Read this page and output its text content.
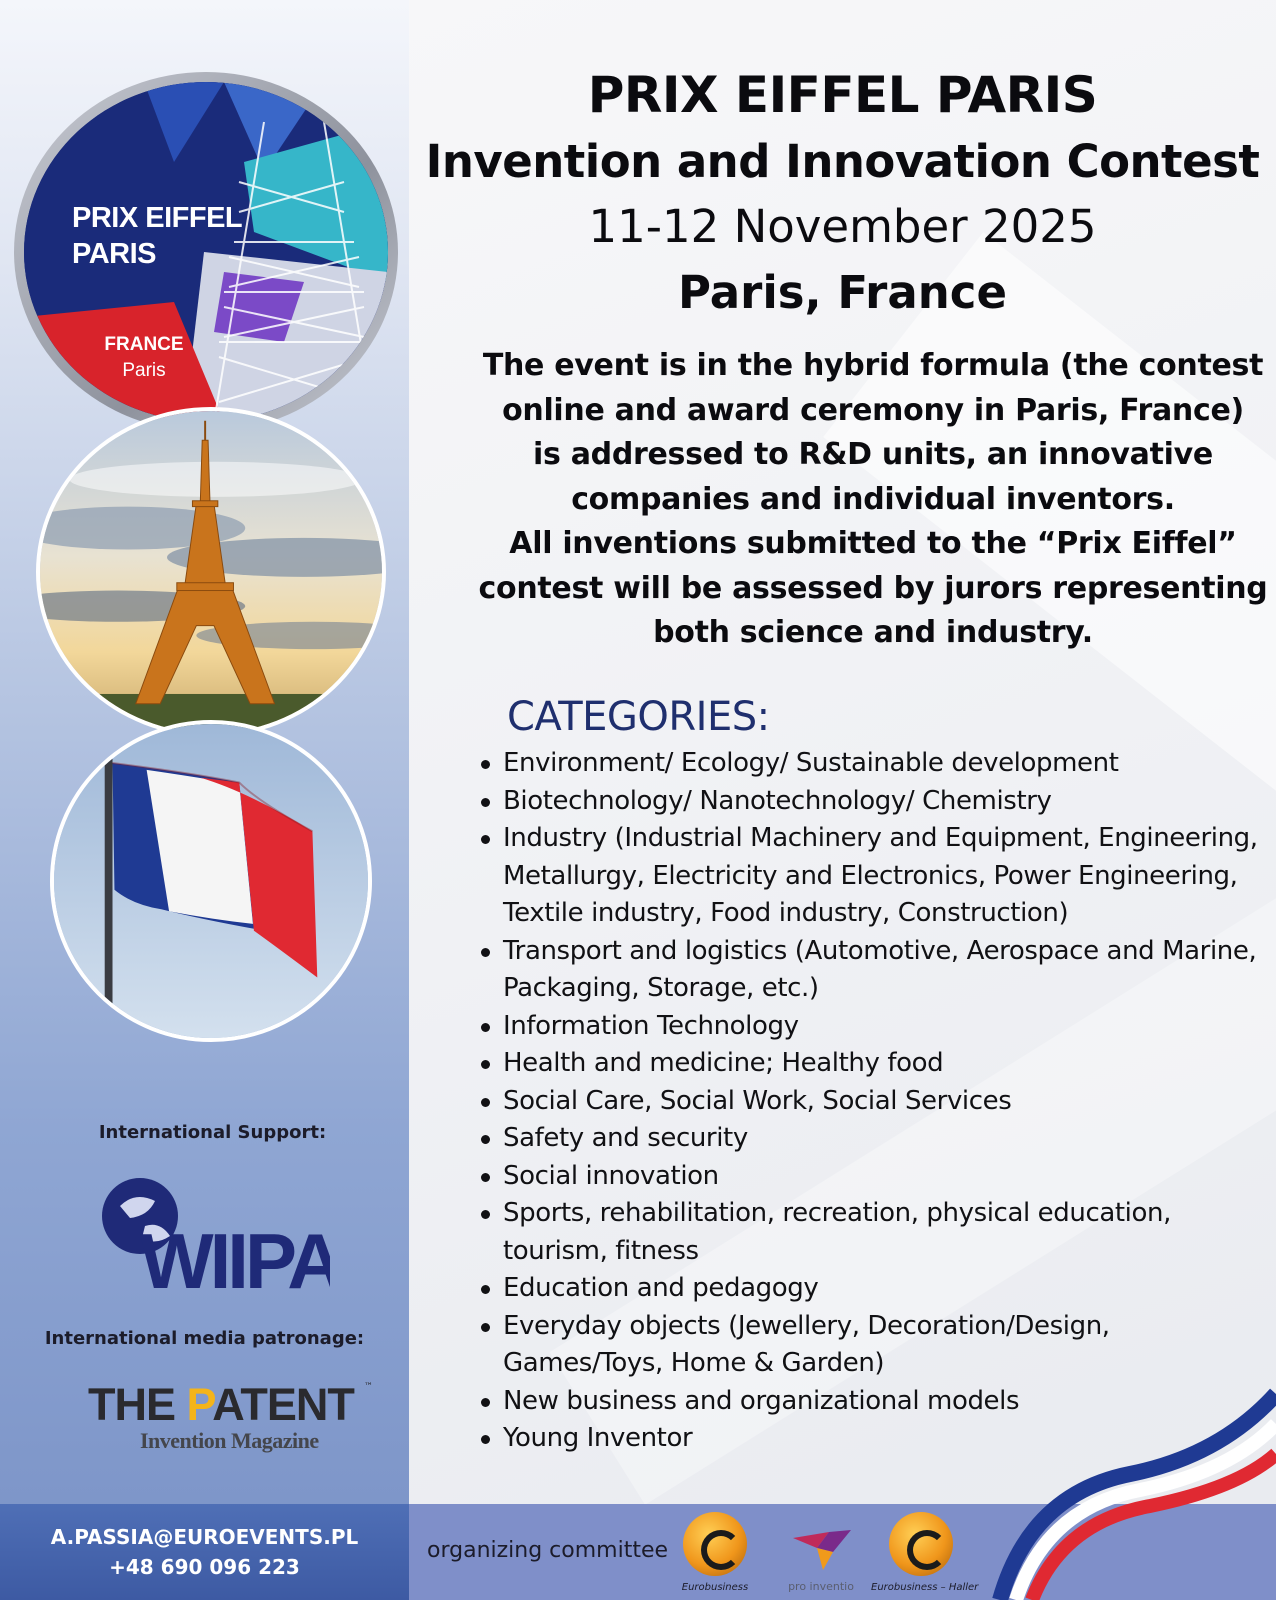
PRIX EIFFEL
PARIS
FRANCE
Paris
International Support:
WIIPA
International media patronage:
THE PATENT ™
Invention Magazine
PRIX EIFFEL PARIS
Invention and Innovation Contest
11-12 November 2025
Paris, France
The event is in the hybrid formula (the contest
online and award ceremony in Paris, France)
is addressed to R&D units, an innovative
companies and individual inventors.
All inventions submitted to the “Prix Eiffel”
contest will be assessed by jurors representing
both science and industry.
CATEGORIES:
Environment/ Ecology/ Sustainable development
Biotechnology/ Nanotechnology/ Chemistry
Industry (Industrial Machinery and Equipment, Engineering,
Metallurgy, Electricity and Electronics, Power Engineering,
Textile industry, Food industry, Construction)
Transport and logistics (Automotive, Aerospace and Marine,
Packaging, Storage, etc.)
Information Technology
Health and medicine; Healthy food
Social Care, Social Work, Social Services
Safety and security
Social innovation
Sports, rehabilitation, recreation, physical education,
tourism, fitness
Education and pedagogy
Everyday objects (Jewellery, Decoration/Design,
Games/Toys, Home & Garden)
New business and organizational models
Young Inventor
A.PASSIA@EUROEVENTS.PL
+48 690 096 223
organizing committee
Eurobusiness	pro inventio	Eurobusiness – Haller
